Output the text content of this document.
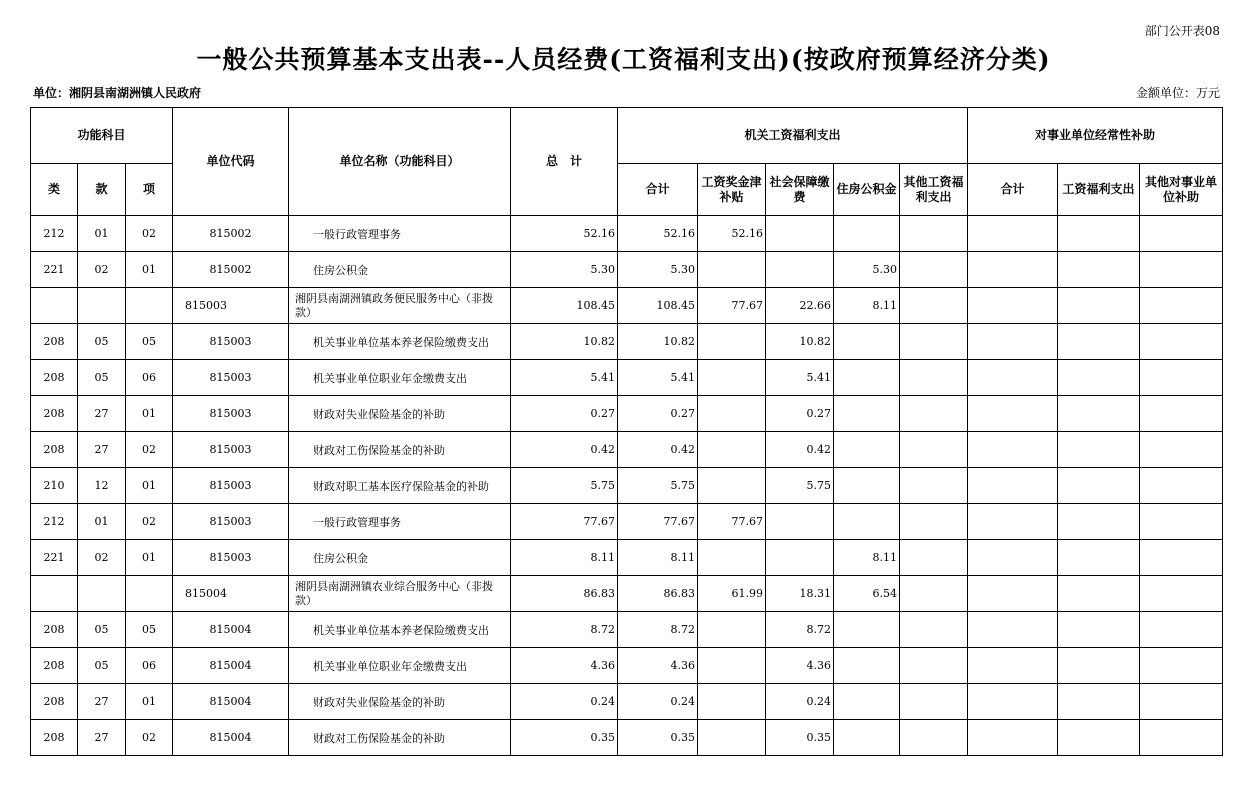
部门公开表08
一般公共预算基本支出表--人员经费(工资福利支出)(按政府预算经济分类)
单位：湘阴县南湖洲镇人民政府	金额单位：万元
功能科目			单位代码	单位名称（功能科目）	总　计	机关工资福利支出					对事业单位经常性补助		
类	款	项				合计	工资奖金津补贴	社会保障缴费	住房公积金	其他工资福利支出	合计	工资福利支出	其他对事业单位补助
212	01	02	815002	一般行政管理事务	52.16	52.16	52.16						
221	02	01	815002	住房公积金	5.30	5.30			5.30				
			815003	湘阴县南湖洲镇政务便民服务中心（非拨款）	108.45	108.45	77.67	22.66	8.11				
208	05	05	815003	机关事业单位基本养老保险缴费支出	10.82	10.82		10.82					
208	05	06	815003	机关事业单位职业年金缴费支出	5.41	5.41		5.41					
208	27	01	815003	财政对失业保险基金的补助	0.27	0.27		0.27					
208	27	02	815003	财政对工伤保险基金的补助	0.42	0.42		0.42					
210	12	01	815003	财政对职工基本医疗保险基金的补助	5.75	5.75		5.75					
212	01	02	815003	一般行政管理事务	77.67	77.67	77.67						
221	02	01	815003	住房公积金	8.11	8.11			8.11				
			815004	湘阴县南湖洲镇农业综合服务中心（非拨款）	86.83	86.83	61.99	18.31	6.54				
208	05	05	815004	机关事业单位基本养老保险缴费支出	8.72	8.72		8.72					
208	05	06	815004	机关事业单位职业年金缴费支出	4.36	4.36		4.36					
208	27	01	815004	财政对失业保险基金的补助	0.24	0.24		0.24					
208	27	02	815004	财政对工伤保险基金的补助	0.35	0.35		0.35					
